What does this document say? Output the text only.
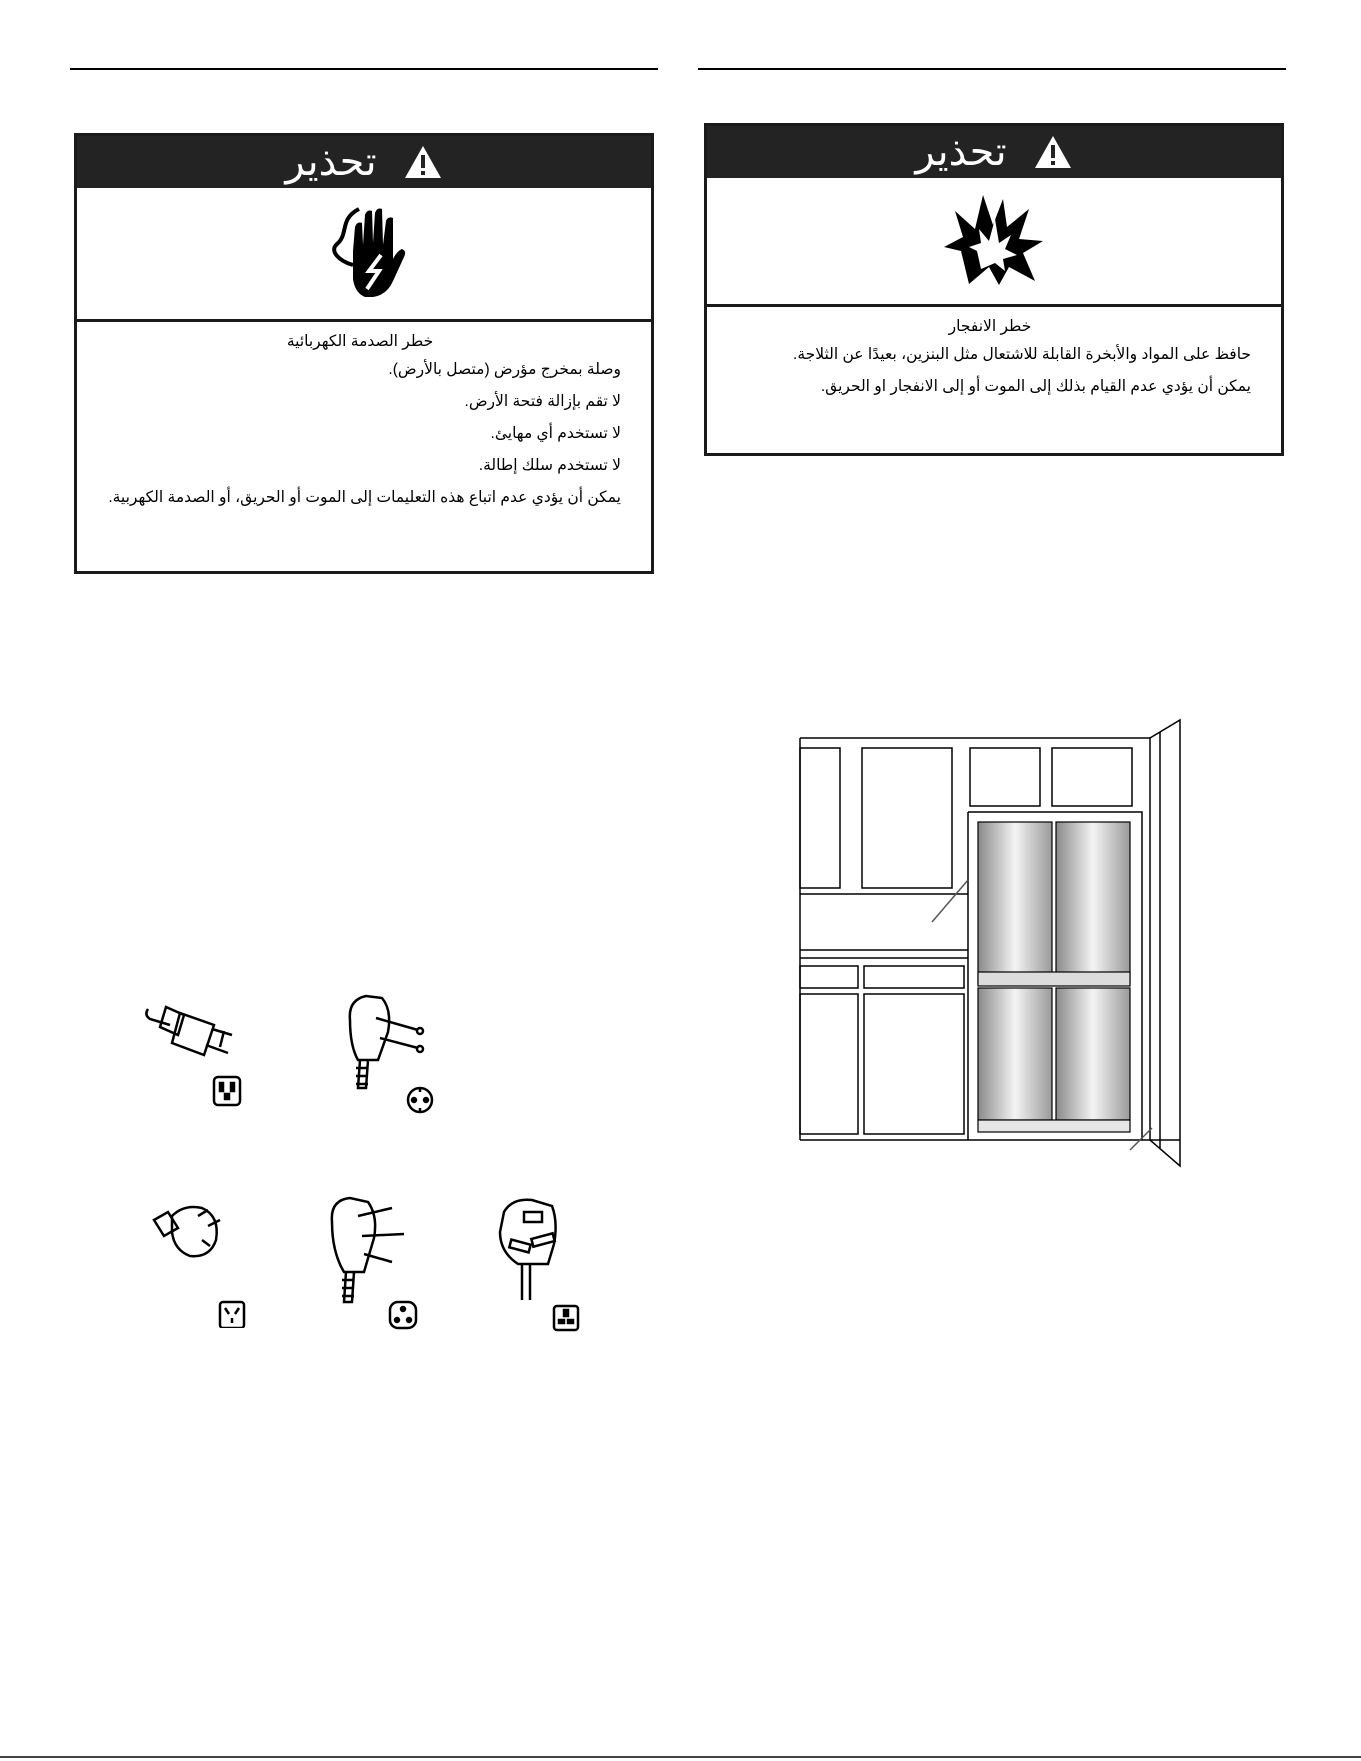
تحذير
خطر الصدمة الكهربائية

وصلة بمخرج مؤرض (متصل بالأرض).

لا تقم بإزالة فتحة الأرض.

لا تستخدم أي مهايئ.

لا تستخدم سلك إطالة.

يمكن أن يؤدي عدم اتباع هذه التعليمات إلى الموت أو الحريق، أو الصدمة الكهربية.

تحذير
خطر الانفجار

حافظ على المواد والأبخرة القابلة للاشتعال مثل البنزين، بعيدًا عن الثلاجة.

يمكن أن يؤدي عدم القيام بذلك إلى الموت أو إلى الانفجار او الحريق.
